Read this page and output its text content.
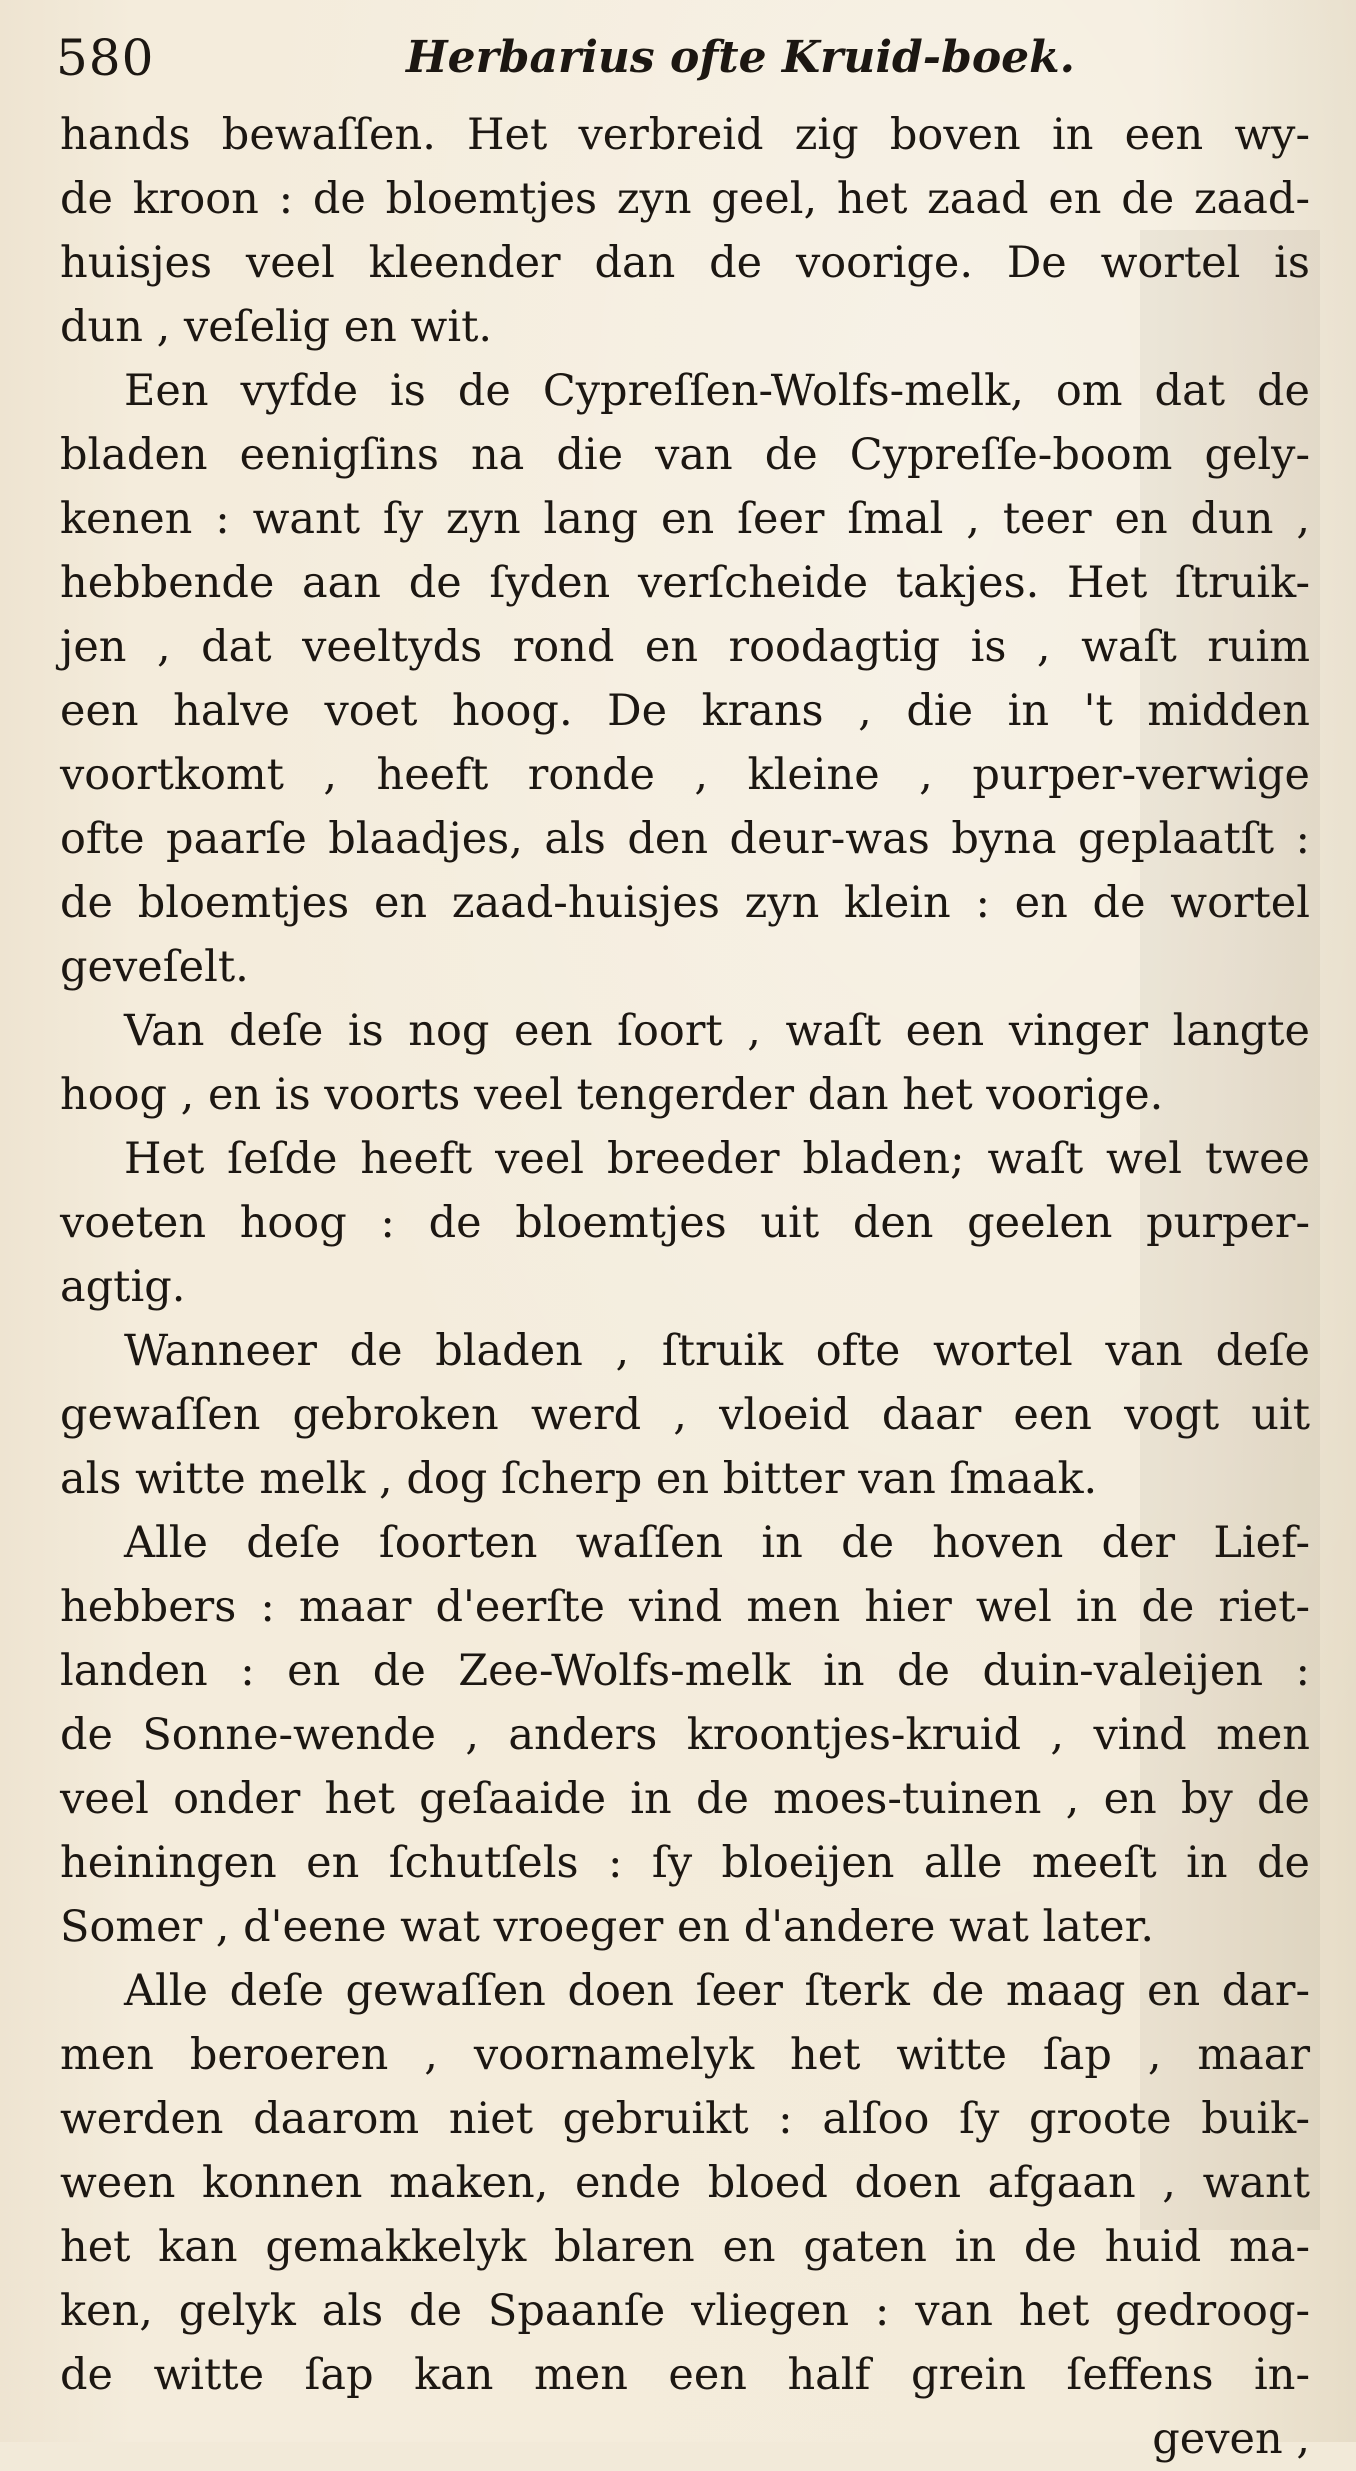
580	Herbarius ofte Kruid-boek.
hands bewaſſen. Het verbreid zig boven in een wy-
de kroon : de bloemtjes zyn geel, het zaad en de zaad-
huisjes veel kleender dan de voorige. De wortel is
dun , veſelig en wit.
Een vyfde is de Cypreſſen-Wolfs-melk, om dat de
bladen eenigſins na die van de Cypreſſe-boom gely-
kenen : want ſy zyn lang en ſeer ſmal , teer en dun ,
hebbende aan de ſyden verſcheide takjes. Het ſtruik-
jen , dat veeltyds rond en roodagtig is , waſt ruim
een halve voet hoog. De krans , die in 't midden
voortkomt , heeft ronde , kleine , purper-verwige
ofte paarſe blaadjes, als den deur-was byna geplaatſt :
de bloemtjes en zaad-huisjes zyn klein : en de wortel
geveſelt.
Van deſe is nog een ſoort , waſt een vinger langte
hoog , en is voorts veel tengerder dan het voorige.
Het ſeſde heeft veel breeder bladen; waſt wel twee
voeten hoog : de bloemtjes uit den geelen purper-
agtig.
Wanneer de bladen , ſtruik ofte wortel van deſe
gewaſſen gebroken werd , vloeid daar een vogt uit
als witte melk , dog ſcherp en bitter van ſmaak.
Alle deſe ſoorten waſſen in de hoven der Lief-
hebbers : maar d'eerſte vind men hier wel in de riet-
landen : en de Zee-Wolfs-melk in de duin-valeijen :
de Sonne-wende , anders kroontjes-kruid , vind men
veel onder het geſaaide in de moes-tuinen , en by de
heiningen en ſchutſels : ſy bloeijen alle meeſt in de
Somer , d'eene wat vroeger en d'andere wat later.
Alle deſe gewaſſen doen ſeer ſterk de maag en dar-
men beroeren , voornamelyk het witte ſap , maar
werden daarom niet gebruikt : alſoo ſy groote buik-
ween konnen maken, ende bloed doen afgaan , want
het kan gemakkelyk blaren en gaten in de huid ma-
ken, gelyk als de Spaanſe vliegen : van het gedroog-
de witte ſap kan men een half grein ſeffens in-
geven ,
